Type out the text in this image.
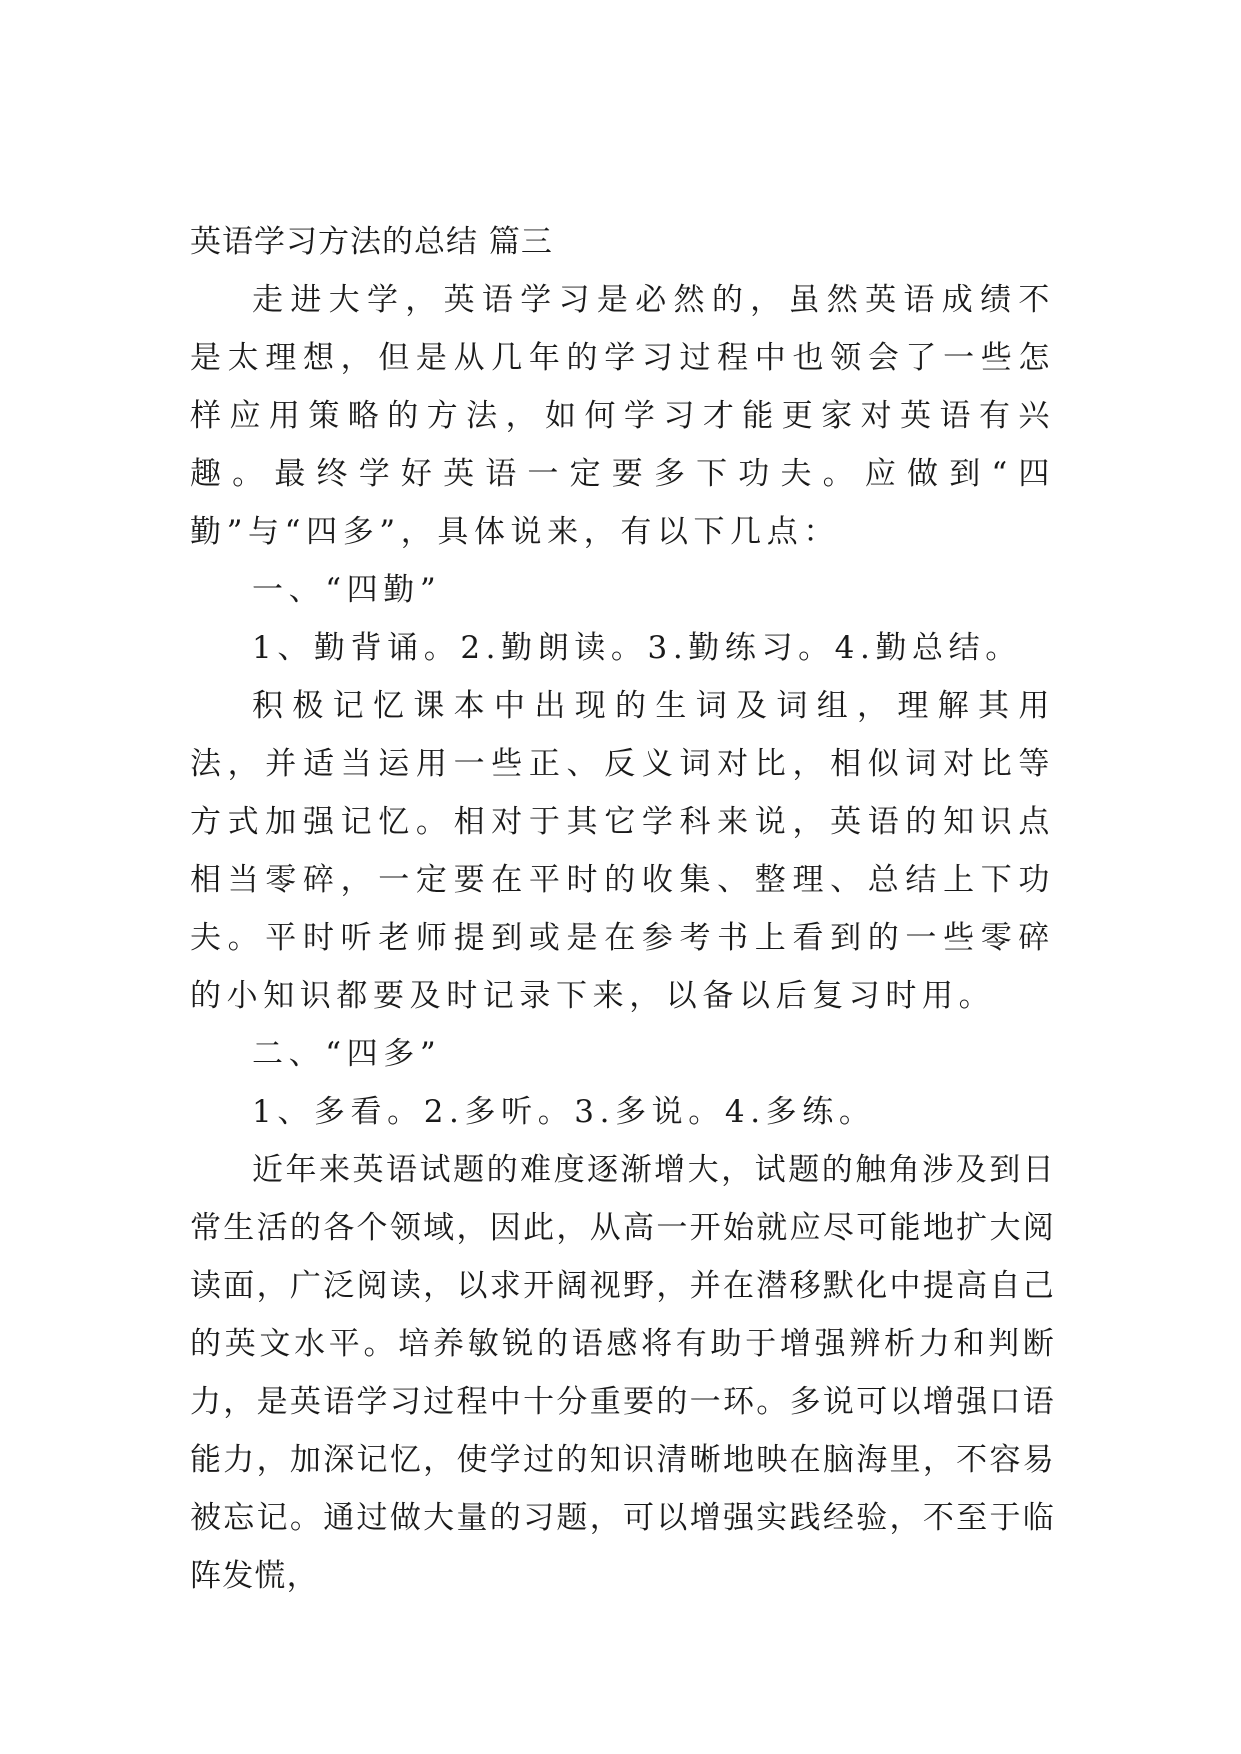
英语学习方法的总结 篇三

走进大学，英语学习是必然的，虽然英语成绩不是太理想，但是从几年的学习过程中也领会了一些怎样应用策略的方法，如何学习才能更家对英语有兴趣。最终学好英语一定要多下功夫。应做到“四勤”与“四多”，具体说来，有以下几点：

一、“四勤”

1、勤背诵。2.勤朗读。3.勤练习。4.勤总结。

积极记忆课本中出现的生词及词组，理解其用法，并适当运用一些正、反义词对比，相似词对比等方式加强记忆。相对于其它学科来说，英语的知识点相当零碎，一定要在平时的收集、整理、总结上下功夫。平时听老师提到或是在参考书上看到的一些零碎的小知识都要及时记录下来，以备以后复习时用。

二、“四多”

1、多看。2.多听。3.多说。4.多练。

近年来英语试题的难度逐渐增大，试题的触角涉及到日常生活的各个领域，因此，从高一开始就应尽可能地扩大阅读面，广泛阅读，以求开阔视野，并在潜移默化中提高自己的英文水平。培养敏锐的语感将有助于增强辨析力和判断力，是英语学习过程中十分重要的一环。多说可以增强口语能力，加深记忆，使学过的知识清晰地映在脑海里，不容易被忘记。通过做大量的习题，可以增强实践经验，不至于临阵发慌，
